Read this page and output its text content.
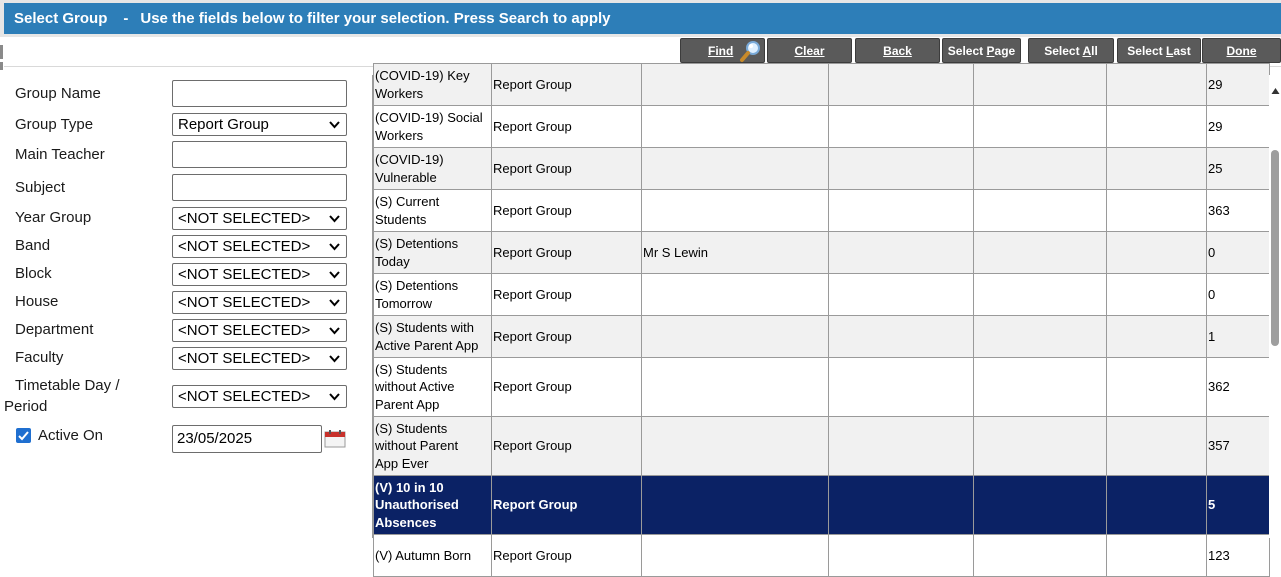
Select Group - Use the fields below to filter your selection. Press Search to apply
Find	Clear	Back	Select Page	Select All	Select Last	Done
Group Name
Group Type	Report Group
Main Teacher
Subject
Year Group	<NOT SELECTED>
Band	<NOT SELECTED>
Block	<NOT SELECTED>
House	<NOT SELECTED>
Department	<NOT SELECTED>
Faculty	<NOT SELECTED>
Timetable Day /
Period
<NOT SELECTED>
Active On	23/05/2025
(COVID-19) Key
Workers	Report Group					29

(COVID-19) Social
Workers	Report Group					29

(COVID-19)
Vulnerable	Report Group					25

(S) Current
Students	Report Group					363

(S) Detentions
Today	Report Group	Mr S Lewin				0

(S) Detentions
Tomorrow	Report Group					0

(S) Students with
Active Parent App	Report Group					1

(S) Students
without Active
Parent App	Report Group					362

(S) Students
without Parent
App Ever	Report Group					357

(V) 10 in 10
Unauthorised
Absences	Report Group					5

(V) Autumn Born	Report Group					123
